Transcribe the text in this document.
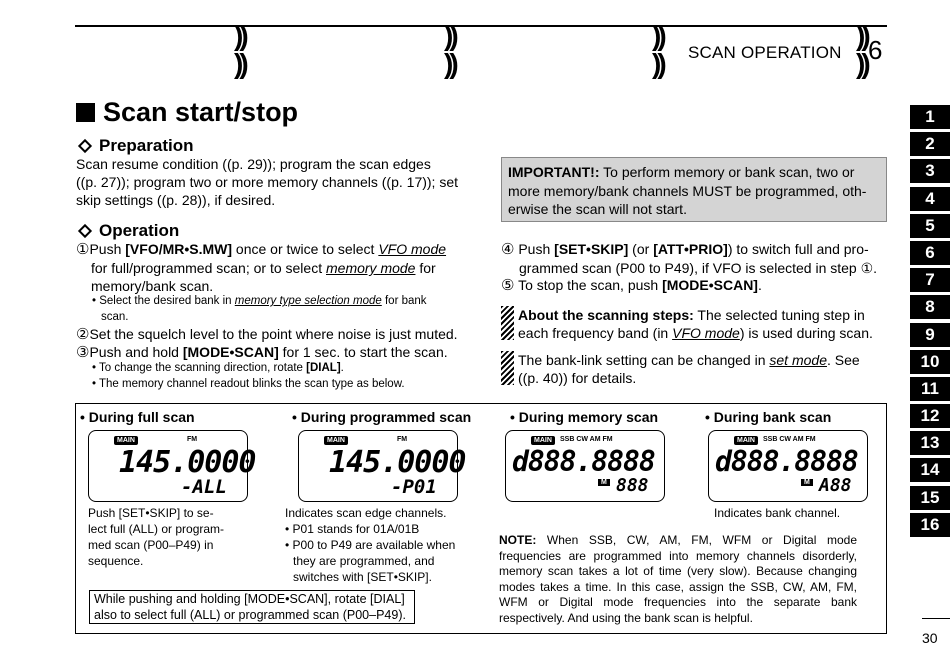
SCAN OPERATION 6
1
2
3
4
5
6
7
8
9
10
11
12
13
14
15
16
Scan start/stop
Preparation
Scan resume condition ((p. 29)); program the scan edges
((p. 27)); program two or more memory channels ((p. 17)); set
skip settings ((p. 28)), if desired.
Operation
①Push [VFO/MR•S.MW] once or twice to select VFO mode
for full/programmed scan; or to select memory mode for
memory/bank scan.
• Select the desired bank in memory type selection mode for bank
scan.
②Set the squelch level to the point where noise is just muted.
③Push and hold [MODE•SCAN] for 1 sec. to start the scan.
• To change the scanning direction, rotate [DIAL].
• The memory channel readout blinks the scan type as below.
IMPORTANT!: To perform memory or bank scan, two or more memory/bank channels MUST be programmed, oth-erwise the scan will not start.
④ Push [SET•SKIP] (or [ATT•PRIO]) to switch full and pro-
grammed scan (P00 to P49), if VFO is selected in step ①.
⑤ To stop the scan, push [MODE•SCAN].
About the scanning steps: The selected tuning step in
each frequency band (in VFO mode) is used during scan.
The bank-link setting can be changed in set mode. See
((p. 40)) for details.
• During full scan	• During programmed scan	• During memory scan	• During bank scan
MAIN	FM
145.0000
-ALL
))
))
MAIN	FM
145.0000
-P01
))
))
MAIN	SSB CW AM FM
d888.8888
M 888
))
))
MAIN	SSB CW AM FM
d888.8888
M A88
))
))
Push [SET•SKIP] to se-
lect full (ALL) or program-
med scan (P00–P49) in
sequence.
Indicates scan edge channels.
• P01 stands for 01A/01B
• P00 to P49 are available when
they are programmed, and
switches with [SET•SKIP].
Indicates bank channel.
While pushing and holding [MODE•SCAN], rotate [DIAL]
also to select full (ALL) or programmed scan (P00–P49).
NOTE: When SSB, CW, AM, FM, WFM or Digital mode frequencies are programmed into memory channels disorderly, memory scan takes a lot of time (very slow). Because changing modes takes a time. In this case, assign the SSB, CW, AM, FM, WFM or Digital mode frequencies into the separate bank respectively. And using the bank scan is helpful.
30
